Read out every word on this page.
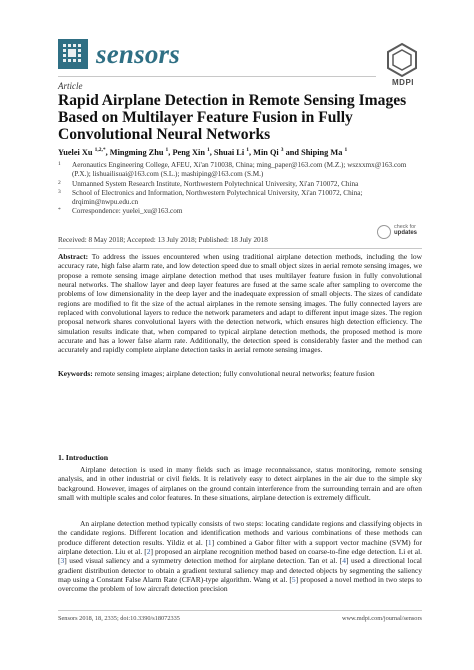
sensors
MDPI
Article
Rapid Airplane Detection in Remote Sensing Images Based on Multilayer Feature Fusion in Fully Convolutional Neural Networks
Yuelei Xu $^{1,2,*}$, Mingming Zhu $^1$, Peng Xin $^1$, Shuai Li $^1$, Min Qi $^3$ and Shiping Ma $^1$
1 Aeronautics Engineering College, AFEU, Xi'an 710038, China; ming_paper@163.com (M.Z.); wszxxmx@163.com (P.X.); lishuailisuai@163.com (S.L.); mashiping@163.com (S.M.)
2 Unmanned System Research Institute, Northwestern Polytechnical University, Xi'an 710072, China
3 School of Electronics and Information, Northwestern Polytechnical University, Xi'an 710072, China; drqimin@nwpu.edu.cn
* Correspondence: yuelei_xu@163.com
check for
updates
Received: 8 May 2018; Accepted: 13 July 2018; Published: 18 July 2018
Abstract: To address the issues encountered when using traditional airplane detection methods, including the low accuracy rate, high false alarm rate, and low detection speed due to small object sizes in aerial remote sensing images, we propose a remote sensing image airplane detection method that uses multilayer feature fusion in fully convolutional neural networks. The shallow layer and deep layer features are fused at the same scale after sampling to overcome the problems of low dimensionality in the deep layer and the inadequate expression of small objects. The sizes of candidate regions are modified to fit the size of the actual airplanes in the remote sensing images. The fully connected layers are replaced with convolutional layers to reduce the network parameters and adapt to different input image sizes. The region proposal network shares convolutional layers with the detection network, which ensures high detection efficiency. The simulation results indicate that, when compared to typical airplane detection methods, the proposed method is more accurate and has a lower false alarm rate. Additionally, the detection speed is considerably faster and the method can accurately and rapidly complete airplane detection tasks in aerial remote sensing images.
Keywords: remote sensing images; airplane detection; fully convolutional neural networks; feature fusion
1. Introduction
Airplane detection is used in many fields such as image reconnaissance, status monitoring, remote sensing analysis, and in other industrial or civil fields. It is relatively easy to detect airplanes in the air due to the simple sky background. However, images of airplanes on the ground contain interference from the surrounding terrain and are often small with multiple scales and color features. In these situations, airplane detection is extremely difficult.
An airplane detection method typically consists of two steps: locating candidate regions and classifying objects in the candidate regions. Different location and identification methods and various combinations of these methods can produce different detection results. Yildiz et al. [1] combined a Gabor filter with a support vector machine (SVM) for airplane detection. Liu et al. [2] proposed an airplane recognition method based on coarse-to-fine edge detection. Li et al. [3] used visual saliency and a symmetry detection method for airplane detection. Tan et al. [4] used a directional local gradient distribution detector to obtain a gradient textural saliency map and detected objects by segmenting the saliency map using a Constant False Alarm Rate (CFAR)-type algorithm. Wang et al. [5] proposed a novel method in two steps to overcome the problem of low aircraft detection precision
Sensors 2018, 18, 2335; doi:10.3390/s18072335	www.mdpi.com/journal/sensors
